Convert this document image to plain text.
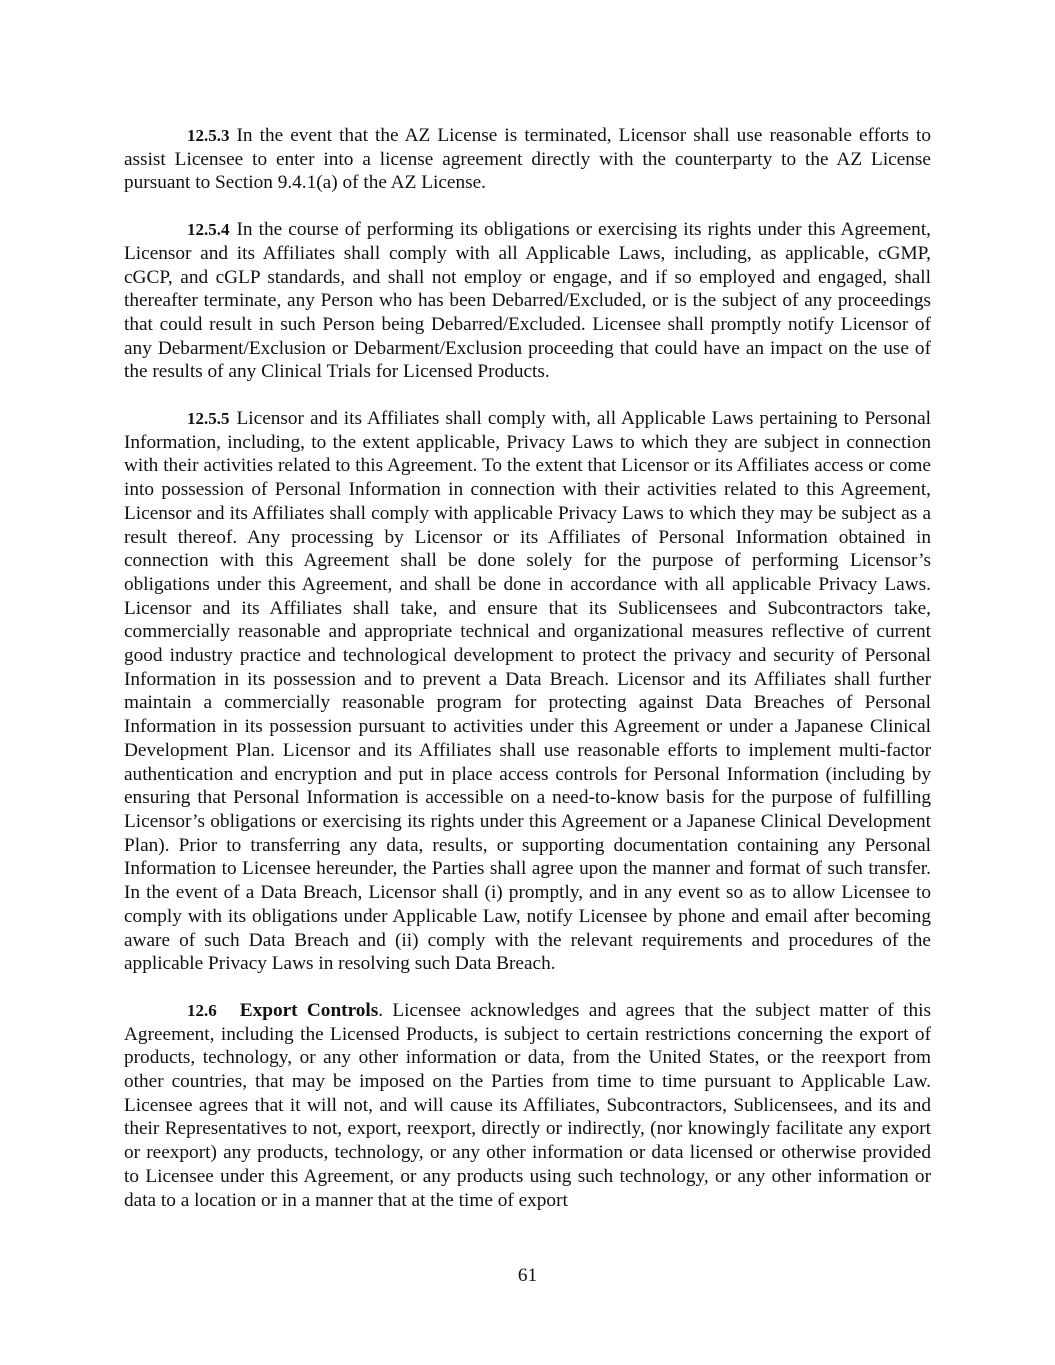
12.5.3 In the event that the AZ License is terminated, Licensor shall use reasonable efforts to assist Licensee to enter into a license agreement directly with the counterparty to the AZ License pursuant to Section 9.4.1(a) of the AZ License.

12.5.4 In the course of performing its obligations or exercising its rights under this Agreement, Licensor and its Affiliates shall comply with all Applicable Laws, including, as applicable, cGMP, cGCP, and cGLP standards, and shall not employ or engage, and if so employed and engaged, shall thereafter terminate, any Person who has been Debarred/Excluded, or is the subject of any proceedings that could result in such Person being Debarred/Excluded. Licensee shall promptly notify Licensor of any Debarment/Exclusion or Debarment/Exclusion proceeding that could have an impact on the use of the results of any Clinical Trials for Licensed Products.

12.5.5 Licensor and its Affiliates shall comply with, all Applicable Laws pertaining to Personal Information, including, to the extent applicable, Privacy Laws to which they are subject in connection with their activities related to this Agreement. To the extent that Licensor or its Affiliates access or come into possession of Personal Information in connection with their activities related to this Agreement, Licensor and its Affiliates shall comply with applicable Privacy Laws to which they may be subject as a result thereof. Any processing by Licensor or its Affiliates of Personal Information obtained in connection with this Agreement shall be done solely for the purpose of performing Licensor’s obligations under this Agreement, and shall be done in accordance with all applicable Privacy Laws. Licensor and its Affiliates shall take, and ensure that its Sublicensees and Subcontractors take, commercially reasonable and appropriate technical and organizational measures reflective of current good industry practice and technological development to protect the privacy and security of Personal Information in its possession and to prevent a Data Breach. Licensor and its Affiliates shall further maintain a commercially reasonable program for protecting against Data Breaches of Personal Information in its possession pursuant to activities under this Agreement or under a Japanese Clinical Development Plan. Licensor and its Affiliates shall use reasonable efforts to implement multi-factor authentication and encryption and put in place access controls for Personal Information (including by ensuring that Personal Information is accessible on a need-to-know basis for the purpose of fulfilling Licensor’s obligations or exercising its rights under this Agreement or a Japanese Clinical Development Plan). Prior to transferring any data, results, or supporting documentation containing any Personal Information to Licensee hereunder, the Parties shall agree upon the manner and format of such transfer. In the event of a Data Breach, Licensor shall (i) promptly, and in any event so as to allow Licensee to comply with its obligations under Applicable Law, notify Licensee by phone and email after becoming aware of such Data Breach and (ii) comply with the relevant requirements and procedures of the applicable Privacy Laws in resolving such Data Breach.

12.6 Export Controls. Licensee acknowledges and agrees that the subject matter of this Agreement, including the Licensed Products, is subject to certain restrictions concerning the export of products, technology, or any other information or data, from the United States, or the reexport from other countries, that may be imposed on the Parties from time to time pursuant to Applicable Law. Licensee agrees that it will not, and will cause its Affiliates, Subcontractors, Sublicensees, and its and their Representatives to not, export, reexport, directly or indirectly, (nor knowingly facilitate any export or reexport) any products, technology, or any other information or data licensed or otherwise provided to Licensee under this Agreement, or any products using such technology, or any other information or data to a location or in a manner that at the time of export

61
